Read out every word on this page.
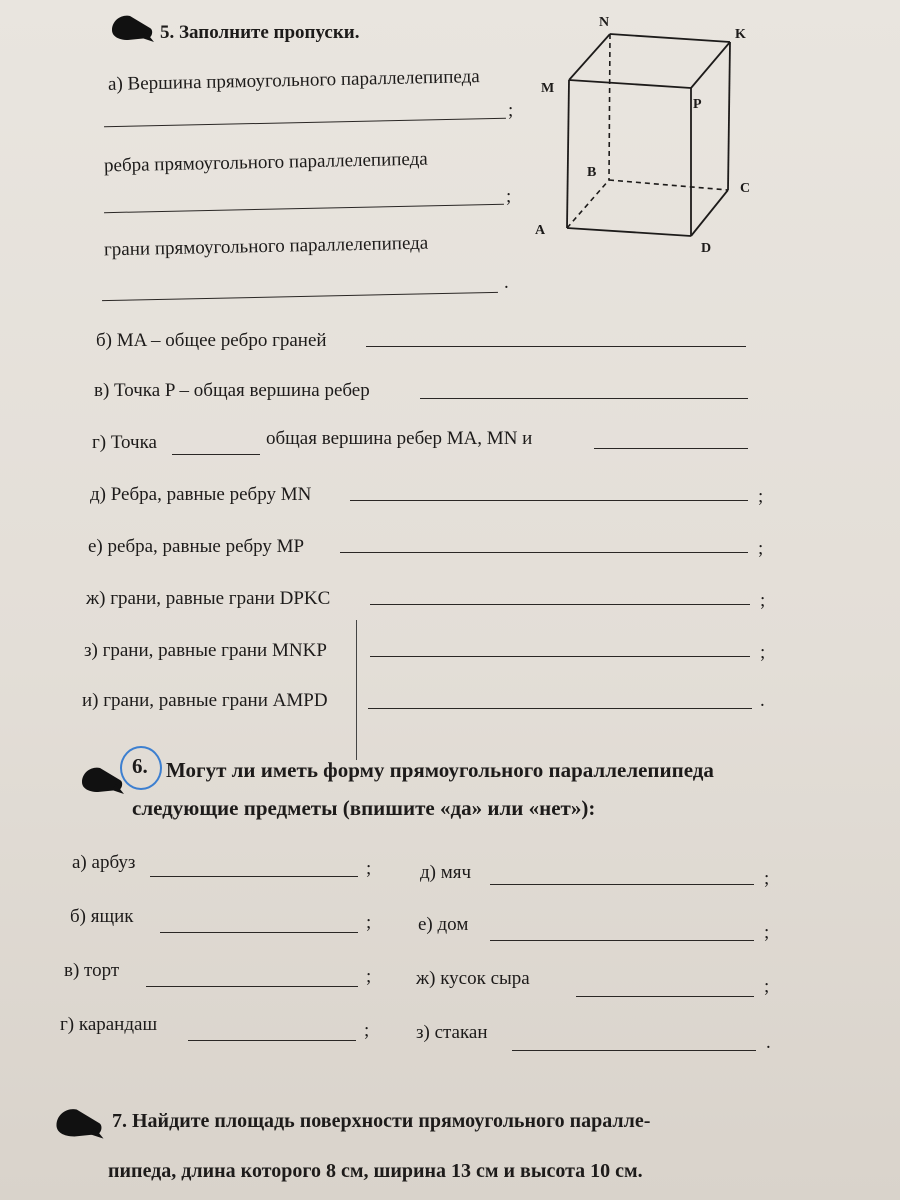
5. Заполните пропуски.
а) Вершина прямоугольного параллелепипеда
;
ребра прямоугольного параллелепипеда
;
грани прямоугольного параллелепипеда
.
N
K
M
P
B
C
A
D
б) MA – общее ребро граней
в) Точка P – общая вершина ребер
г) Точка	общая вершина ребер MA, MN и
д) Ребра, равные ребру MN	;
е) ребра, равные ребру MP	;
ж) грани, равные грани DPKC	;
з) грани, равные грани MNKP	;
и) грани, равные грани AMPD	.
6. Могут ли иметь форму прямоугольного параллелепипеда
следующие предметы (впишите «да» или «нет»):
а) арбуз	;
б) ящик	;
в) торт	;
г) карандаш	;
д) мяч	;
е) дом	;
ж) кусок сыра	;
з) стакан	.
7. Найдите площадь поверхности прямоугольного паралле-
пипеда, длина которого 8 см, ширина 13 см и высота 10 см.
